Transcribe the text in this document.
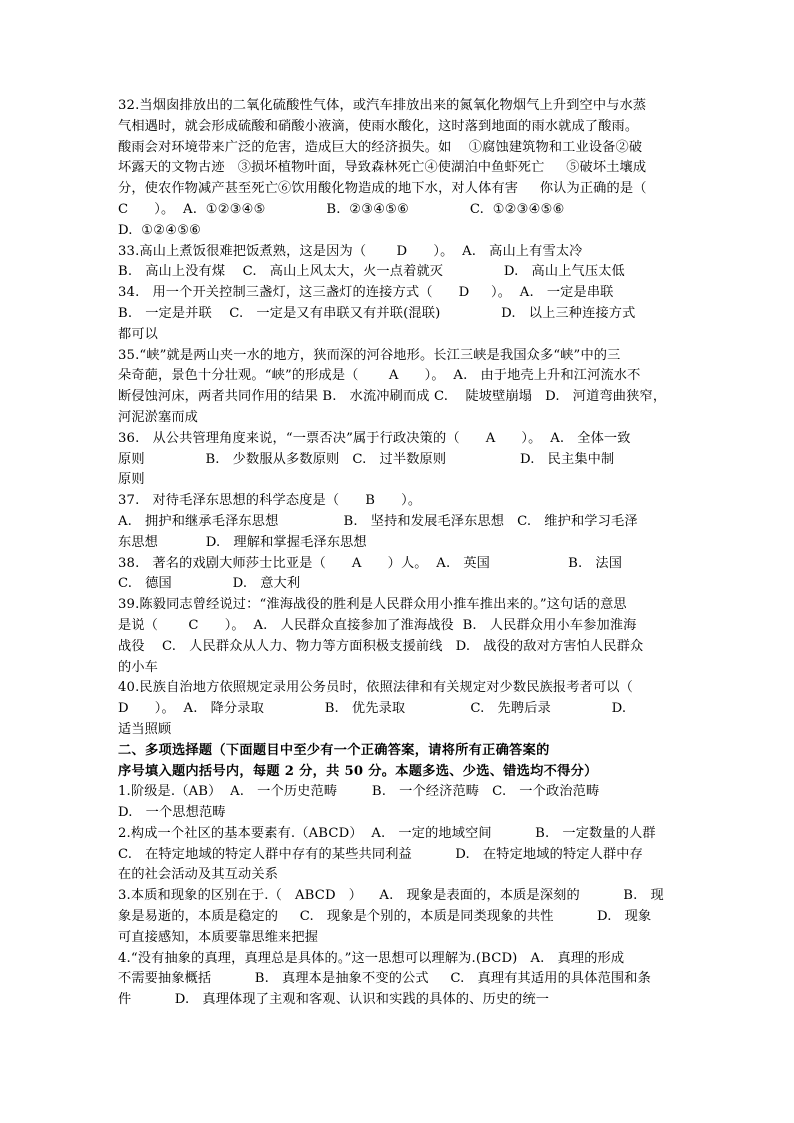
32.当烟囱排放出的二氧化硫酸性气体，或汽车排放出来的氮氧化物烟气上升到空中与水蒸
气相遇时，就会形成硫酸和硝酸小液滴，使雨水酸化，这时落到地面的雨水就成了酸雨。
酸雨会对环境带来广泛的危害，造成巨大的经济损失。如    ①腐蚀建筑物和工业设备②破
坏露天的文物古迹   ③损坏植物叶面，导致森林死亡④使湖泊中鱼虾死亡     ⑤破坏土壤成
分，使农作物减产甚至死亡⑥饮用酸化物造成的地下水，对人体有害     你认为正确的是（
C      ）。  A.  ①②③④⑤              B.  ②③④⑤⑥              C.  ①②③④⑤⑥
D.  ①②④⑤⑥
33.高山上煮饭很难把饭煮熟，这是因为（       D      ）。  A.   高山上有雪太冷
B.   高山上没有煤    C.   高山上风太大，火一点着就灭              D.   高山上气压太低
34.   用一个开关控制三盏灯，这三盏灯的连接方式（      D     ）。  A.   一定是串联
B.   一定是并联    C.   一定是又有串联又有并联(混联)              D.   以上三种连接方式
都可以
35.“峡”就是两山夹一水的地方，狭而深的河谷地形。长江三峡是我国众多“峡”中的三
朵奇葩，景色十分壮观。“峡”的形成是（       A      ）。  A.   由于地壳上升和江河流水不
断侵蚀河床，两者共同作用的结果 B.   水流冲刷而成 C.    陡坡壁崩塌   D.   河道弯曲狭窄，
河泥淤塞而成
36.   从公共管理角度来说，“一票否决”属于行政决策的（      A      ）。  A.   全体一致
原则              B.   少数服从多数原则   C.   过半数原则                 D.   民主集中制
原则
37.   对待毛泽东思想的科学态度是（      B      ）。
A.   拥护和继承毛泽东思想               B.   坚持和发展毛泽东思想   C.   维护和学习毛泽
东思想           D.   理解和掌握毛泽东思想
38.   著名的戏剧大师莎士比亚是（      A      ）人。  A.   英国                  B.   法国
C.   德国              D.   意大利
39.陈毅同志曾经说过：“淮海战役的胜利是人民群众用小推车推出来的。”这句话的意思
是说（       C      ）。  A.   人民群众直接参加了淮海战役  B.   人民群众用小车参加淮海
战役    C.   人民群众从人力、物力等方面积极支援前线   D.   战役的敌对方害怕人民群众
的小车
40.民族自治地方依照规定录用公务员时，依照法律和有关规定对少数民族报考者可以（
D      ）。  A.   降分录取              B.   优先录取               C.   先聘后录              D.
适当照顾
二、多项选择题（下面题目中至少有一个正确答案，请将所有正确答案的
序号填入题内括号内，每题 2 分，共 50 分。本题多选、少选、错选均不得分）
1.阶级是.（AB）  A.   一个历史范畴        B.   一个经济范畴   C.   一个政治范畴
D.   一个思想范畴
2.构成一个社区的基本要素有.（ABCD）  A.   一定的地域空间          B.   一定数量的人群
C.   在特定地域的特定人群中存有的某些共同利益          D.   在特定地域的特定人群中存
在的社会活动及其互动关系
3.本质和现象的区别在于.（   ABCD   ）    A.   现象是表面的，本质是深刻的          B.   现
象是易逝的，本质是稳定的     C.   现象是个别的，本质是同类现象的共性          D.   现象
可直接感知，本质要靠思维来把握
4.“没有抽象的真理，真理总是具体的。”这一思想可以理解为.(BCD)   A.   真理的形成
不需要抽象概括          B.   真理本是抽象不变的公式     C.   真理有其适用的具体范围和条
件          D.   真理体现了主观和客观、认识和实践的具体的、历史的统一
